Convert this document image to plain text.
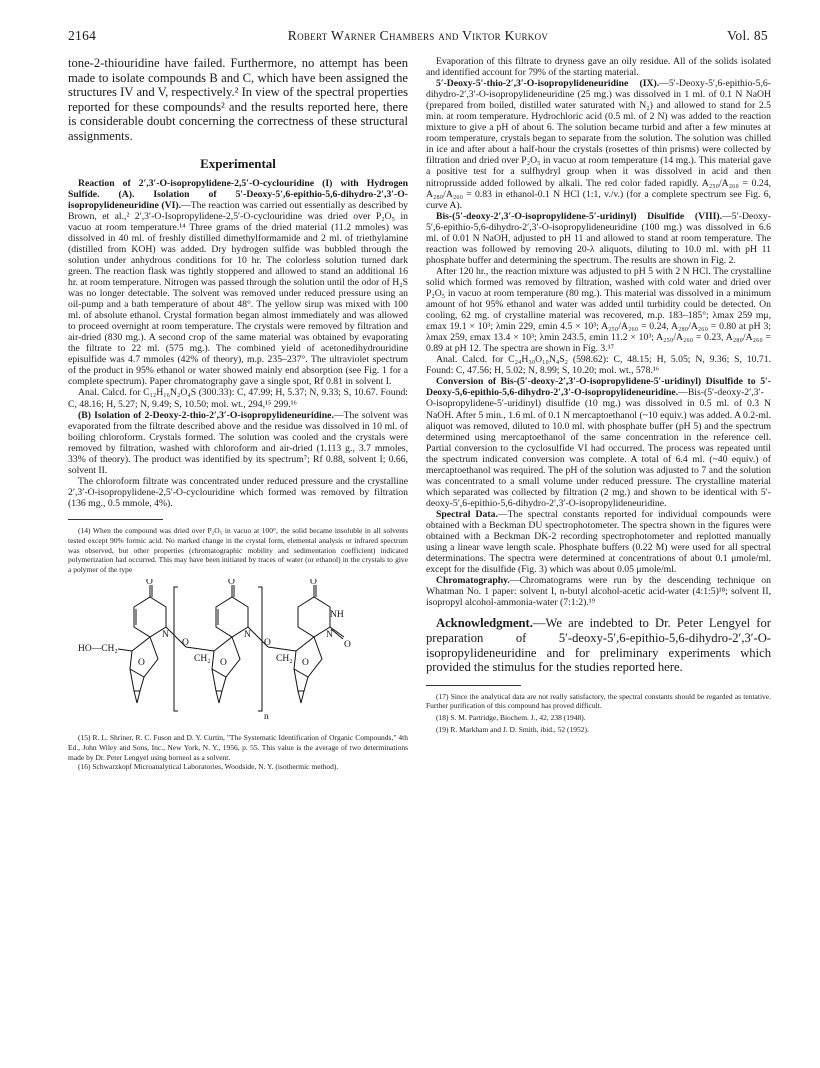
2164	Robert Warner Chambers and Viktor Kurkov	Vol. 85

tone-2-thiouridine have failed. Furthermore, no attempt has been made to isolate compounds B and C, which have been assigned the structures IV and V, respectively.² In view of the spectral properties reported for these compounds² and the results reported here, there is considerable doubt concerning the correctness of these structural assignments.

Experimental

Reaction of 2′,3′-O-isopropylidene-2,5′-O-cyclouridine (I) with Hydrogen Sulfide. (A). Isolation of 5′-Deoxy-5′,6-epithio-5,6-dihydro-2′,3′-O-isopropylideneuridine (VI).—The reaction was carried out essentially as described by Brown, et al.,² 2′,3′-O-Isopropylidene-2,5′-O-cyclouridine was dried over P₂O₅ in vacuo at room temperature.¹⁴ Three grams of the dried material (11.2 mmoles) was dissolved in 40 ml. of freshly distilled dimethylformamide and 2 ml. of triethylamine (distilled from KOH) was added. Dry hydrogen sulfide was bubbled through the solution under anhydrous conditions for 10 hr. The colorless solution turned dark green. The reaction flask was tightly stoppered and allowed to stand an additional 16 hr. at room temperature. Nitrogen was passed through the solution until the odor of H₂S was no longer detectable. The solvent was removed under reduced pressure using an oil-pump and a bath temperature of about 48°. The yellow sirup was mixed with 100 ml. of absolute ethanol. Crystal formation began almost immediately and was allowed to proceed overnight at room temperature. The crystals were removed by filtration and air-dried (830 mg.). A second crop of the same material was obtained by evaporating the filtrate to 22 ml. (575 mg.). The combined yield of acetonedihydrouridine episulfide was 4.7 mmoles (42% of theory), m.p. 235–237°. The ultraviolet spectrum of the product in 95% ethanol or water showed mainly end absorption (see Fig. 1 for a complete spectrum). Paper chromatography gave a single spot, Rf 0.81 in solvent I.

Anal. Calcd. for C₁₂H₁₆N₂O₄S (300.33): C, 47.99; H, 5.37; N, 9.33; S, 10.67. Found: C, 48.16; H, 5.27; N, 9.49; S, 10.50; mol. wt., 294,¹⁵ 299.¹⁶

(B) Isolation of 2-Deoxy-2-thio-2′,3′-O-isopropylideneuridine.—The solvent was evaporated from the filtrate described above and the residue was dissolved in 10 ml. of boiling chloroform. Crystals formed. The solution was cooled and the crystals were removed by filtration, washed with chloroform and air-dried (1.113 g., 3.7 mmoles, 33% of theory). The product was identified by its spectrum⁷; Rf 0.88, solvent I; 0.66, solvent II.

The chloroform filtrate was concentrated under reduced pressure and the crystalline 2′,3′-O-isopropylidene-2,5′-O-cyclouridine which formed was removed by filtration (136 mg., 0.5 mmole, 4%).

(14) When the compound was dried over P₂O₅ in vacuo at 100°, the solid became insoluble in all solvents tested except 90% formic acid. No marked change in the crystal form, elemental analysis or infrared spectrum was observed, but other properties (chromatographic mobility and sedimentation coefficient) indicated polymerization had occurred. This may have been initiated by traces of water (or ethanol) in the crystals to give a polymer of the type

O	O	O
NH
O
N	N	N
O	O
HO—CH₂
CH₂	CH₂
O	O	O
n

(15) R. L. Shriner, R. C. Fuson and D. Y. Curtin, "The Systematic Identification of Organic Compounds," 4th Ed., John Wiley and Sons, Inc., New York, N. Y., 1956, p. 55. This value is the average of two determinations made by Dr. Peter Lengyel using borneol as a solvent.

(16) Schwarzkopf Microanalytical Laboratories, Woodside, N. Y. (isothermic method).

Evaporation of this filtrate to dryness gave an oily residue. All of the solids isolated and identified account for 79% of the starting material.

5′-Deoxy-5′-thio-2′,3′-O-isopropylideneuridine (IX).—5′-Deoxy-5′,6-epithio-5,6-dihydro-2′,3′-O-isopropylideneuridine (25 mg.) was dissolved in 1 ml. of 0.1 N NaOH (prepared from boiled, distilled water saturated with N₂) and allowed to stand for 2.5 min. at room temperature. Hydrochloric acid (0.5 ml. of 2 N) was added to the reaction mixture to give a pH of about 6. The solution became turbid and after a few minutes at room temperature, crystals began to separate from the solution. The solution was chilled in ice and after about a half-hour the crystals (rosettes of thin prisms) were collected by filtration and dried over P₂O₅ in vacuo at room temperature (14 mg.). This material gave a positive test for a sulfhydryl group when it was dissolved in acid and then nitroprusside added followed by alkali. The red color faded rapidly. A₂₅₀/A₂₆₀ = 0.24, A₂₈₀/A₂₆₀ = 0.83 in ethanol-0.1 N HCl (1:1, v./v.) (for a complete spectrum see Fig. 6, curve A).

Bis-(5′-deoxy-2′,3′-O-isopropylidene-5′-uridinyl) Disulfide (VIII).—5′-Deoxy-5′,6-epithio-5,6-dihydro-2′,3′-O-isopropylideneuridine (100 mg.) was dissolved in 6.6 ml. of 0.01 N NaOH, adjusted to pH 11 and allowed to stand at room temperature. The reaction was followed by removing 20-λ aliquots, diluting to 10.0 ml. with pH 11 phosphate buffer and determining the spectrum. The results are shown in Fig. 2.

After 120 hr., the reaction mixture was adjusted to pH 5 with 2 N HCl. The crystalline solid which formed was removed by filtration, washed with cold water and dried over P₂O₅ in vacuo at room temperature (80 mg.). This material was dissolved in a minimum amount of hot 95% ethanol and water was added until turbidity could be detected. On cooling, 62 mg. of crystalline material was recovered, m.p. 183–185°; λmax 259 mμ, εmax 19.1 × 10³; λmin 229, εmin 4.5 × 10³; A₂₅₀/A₂₆₀ = 0.24, A₂₈₀/A₂₆₀ = 0.80 at pH 3; λmax 259, εmax 13.4 × 10³; λmin 243.5, εmin 11.2 × 10³; A₂₅₀/A₂₆₀ = 0.23, A₂₈₀/A₂₆₀ = 0.89 at pH 12. The spectra are shown in Fig. 3.¹⁷

Anal. Calcd. for C₂₄H₃₀O₁₀N₄S₂ (598.62): C, 48.15; H, 5.05; N, 9.36; S, 10.71. Found: C, 47.56; H, 5.02; N, 8.99; S, 10.20; mol. wt., 578.¹⁶

Conversion of Bis-(5′-deoxy-2′,3′-O-isopropylidene-5′-uridinyl) Disulfide to 5′-Deoxy-5,6-epithio-5,6-dihydro-2′,3′-O-isopropylideneuridine.—Bis-(5′-deoxy-2′,3′-O-isopropylidene-5′-uridinyl) disulfide (10 mg.) was dissolved in 0.5 ml. of 0.3 N NaOH. After 5 min., 1.6 ml. of 0.1 N mercaptoethanol (~10 equiv.) was added. A 0.2-ml. aliquot was removed, diluted to 10.0 ml. with phosphate buffer (pH 5) and the spectrum determined using mercaptoethanol of the same concentration in the reference cell. Partial conversion to the cyclosulfide VI had occurred. The process was repeated until the spectrum indicated conversion was complete. A total of 6.4 ml. (~40 equiv.) of mercaptoethanol was required. The pH of the solution was adjusted to 7 and the solution was concentrated to a small volume under reduced pressure. The crystalline material which separated was collected by filtration (2 mg.) and shown to be identical with 5′-deoxy-5′,6-epithio-5,6-dihydro-2′,3′-O-isopropylideneuridine.

Spectral Data.—The spectral constants reported for individual compounds were obtained with a Beckman DU spectrophotometer. The spectra shown in the figures were obtained with a Beckman DK-2 recording spectrophotometer and replotted manually using a linear wave length scale. Phosphate buffers (0.22 M) were used for all spectral determinations. The spectra were determined at concentrations of about 0.1 μmole/ml. except for the disulfide (Fig. 3) which was about 0.05 μmole/ml.

Chromatography.—Chromatograms were run by the descending technique on Whatman No. 1 paper: solvent I, n-butyl alcohol-acetic acid-water (4:1:5)¹⁸; solvent II, isopropyl alcohol-ammonia-water (7:1:2).¹⁹

Acknowledgment.—We are indebted to Dr. Peter Lengyel for preparation of 5′-deoxy-5′,6-epithio-5,6-dihydro-2′,3′-O-isopropylideneuridine and for preliminary experiments which provided the stimulus for the studies reported here.

(17) Since the analytical data are not really satisfactory, the spectral constants should be regarded as tentative. Further purification of this compound has proved difficult.

(18) S. M. Partridge, Biochem. J., 42, 238 (1948).

(19) R. Markham and J. D. Smith, ibid., 52 (1952).
